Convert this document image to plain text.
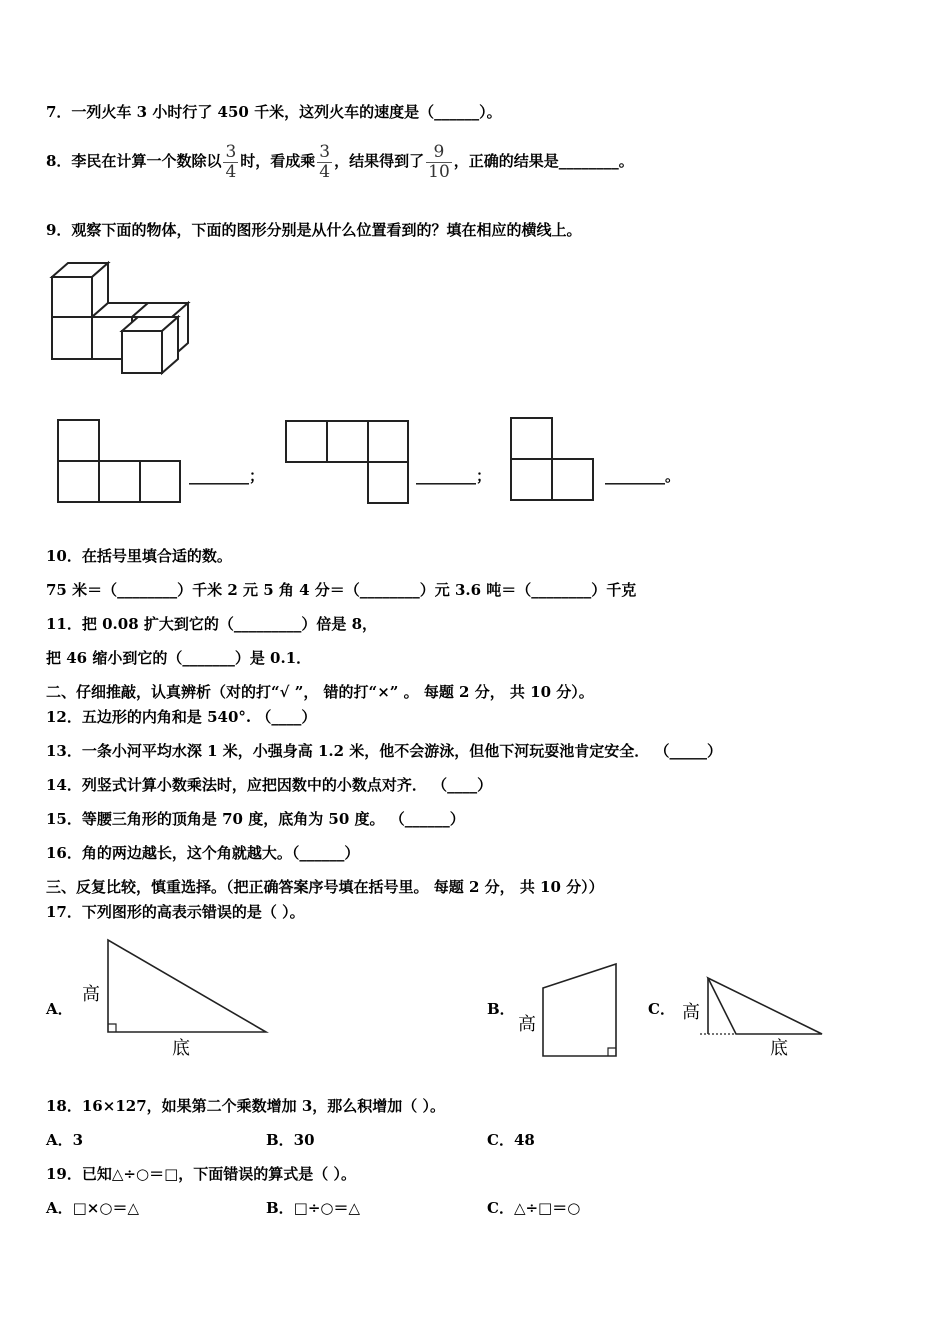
7．一列火车 3 小时行了 450 千米，这列火车的速度是（______）。
8．李民在计算一个数除以 $\frac{3}{4}$ 时，看成乘 $\frac{3}{4}$ ，结果得到了 $\frac{9}{10}$ ，正确的结果是________。
9．观察下面的物体，下面的图形分别是从什么位置看到的？填在相应的横线上。
________；	________；	________。
10．在括号里填合适的数。
75 米＝（________）千米 2 元 5 角 4 分＝（________）元 3.6 吨＝（________）千克
11．把 0.08 扩大到它的（_________）倍是 8，
把 46 缩小到它的（_______）是 0.1．
二、仔细推敲，认真辨析（对的打“√ ”， 错的打“×” 。 每题 2 分， 共 10 分）。
12．五边形的内角和是 540°. （____）
13．一条小河平均水深 1 米，小强身高 1.2 米，他不会游泳，但他下河玩耍池肯定安全． （_____）
14．列竖式计算小数乘法时，应把因数中的小数点对齐． （____）
15．等腰三角形的顶角是 70 度，底角为 50 度。 （______）
16．角的两边越长，这个角就越大。（______）
三、反复比较，慎重选择。（把正确答案序号填在括号里。 每题 2 分， 共 10 分））
17．下列图形的高表示错误的是（ ）。
A．
高
底
B．
高
C． 高
底
18．16×127，如果第二个乘数增加 3，那么积增加（ ）。
A．3	B．30	C．48
19．已知△÷○＝□，下面错误的算式是（ ）。
A．□×○＝△	B．□÷○＝△	C．△÷□＝○
